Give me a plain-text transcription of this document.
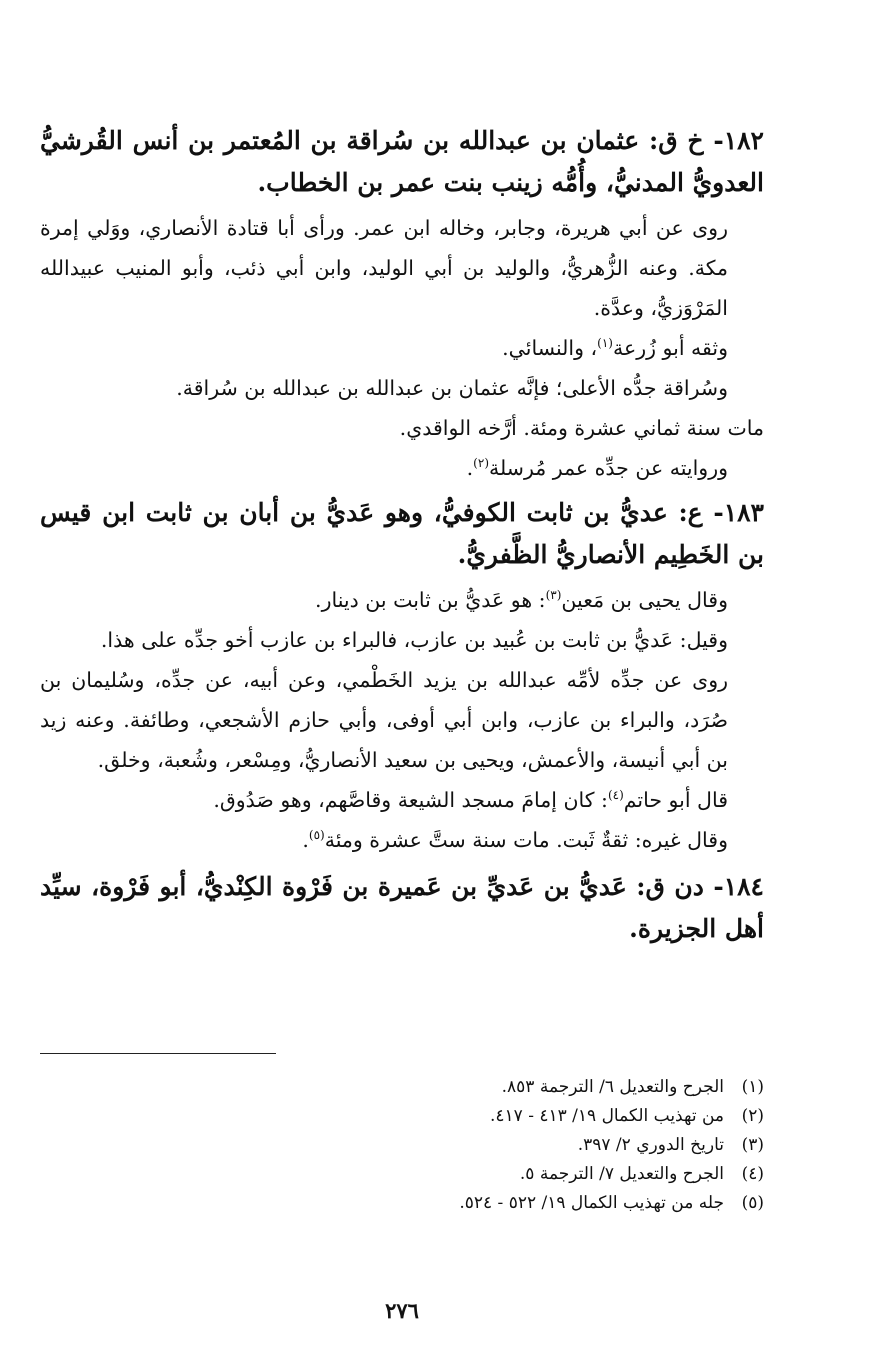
١٨٢- خ ق: عثمان بن عبدالله بن سُراقة بن المُعتمر بن أنس القُرشيُّ العدويُّ المدنيُّ، وأُمُّه زينب بنت عمر بن الخطاب.

روى عن أبي هريرة، وجابر، وخاله ابن عمر. ورأى أبا قتادة الأنصاري، ووَلي إمرة مكة. وعنه الزُّهريُّ، والوليد بن أبي الوليد، وابن أبي ذئب، وأبو المنيب عبيدالله المَرْوَزيُّ، وعدَّة.

وثقه أبو زُرعة$^{(١)}$، والنسائي.

وسُراقة جدُّه الأعلى؛ فإنَّه عثمان بن عبدالله بن عبدالله بن سُراقة.

مات سنة ثماني عشرة ومئة. أرَّخه الواقدي.

وروايته عن جدِّه عمر مُرسلة$^{(٢)}$.

١٨٣- ع: عديُّ بن ثابت الكوفيُّ، وهو عَديُّ بن أبان بن ثابت ابن قيس بن الخَطِيم الأنصاريُّ الظَّفريُّ.

وقال يحيى بن مَعين$^{(٣)}$: هو عَديُّ بن ثابت بن دينار.

وقيل: عَديُّ بن ثابت بن عُبيد بن عازب، فالبراء بن عازب أخو جدِّه على هذا.

روى عن جدِّه لأمِّه عبدالله بن يزيد الخَطْمي، وعن أبيه، عن جدِّه، وسُليمان بن صُرَد، والبراء بن عازب، وابن أبي أوفى، وأبي حازم الأشجعي، وطائفة. وعنه زيد بن أبي أنيسة، والأعمش، ويحيى بن سعيد الأنصاريُّ، ومِسْعر، وشُعبة، وخلق.

قال أبو حاتم$^{(٤)}$: كان إمامَ مسجد الشيعة وقاصَّهم، وهو صَدُوق.

وقال غيره: ثقةٌ ثَبت. مات سنة ستَّ عشرة ومئة$^{(٥)}$.

١٨٤- دن ق: عَديُّ بن عَديِّ بن عَميرة بن فَرْوة الكِنْديُّ، أبو فَرْوة، سيِّد أهل الجزيرة.
(١)
الجرح والتعديل ٦/ الترجمة ٨٥٣.
(٢)
من تهذيب الكمال ١٩/ ٤١٣ - ٤١٧.
(٣)
تاريخ الدوري ٢/ ٣٩٧.
(٤)
الجرح والتعديل ٧/ الترجمة ٥.
(٥)
جله من تهذيب الكمال ١٩/ ٥٢٢ - ٥٢٤.
٢٧٦
